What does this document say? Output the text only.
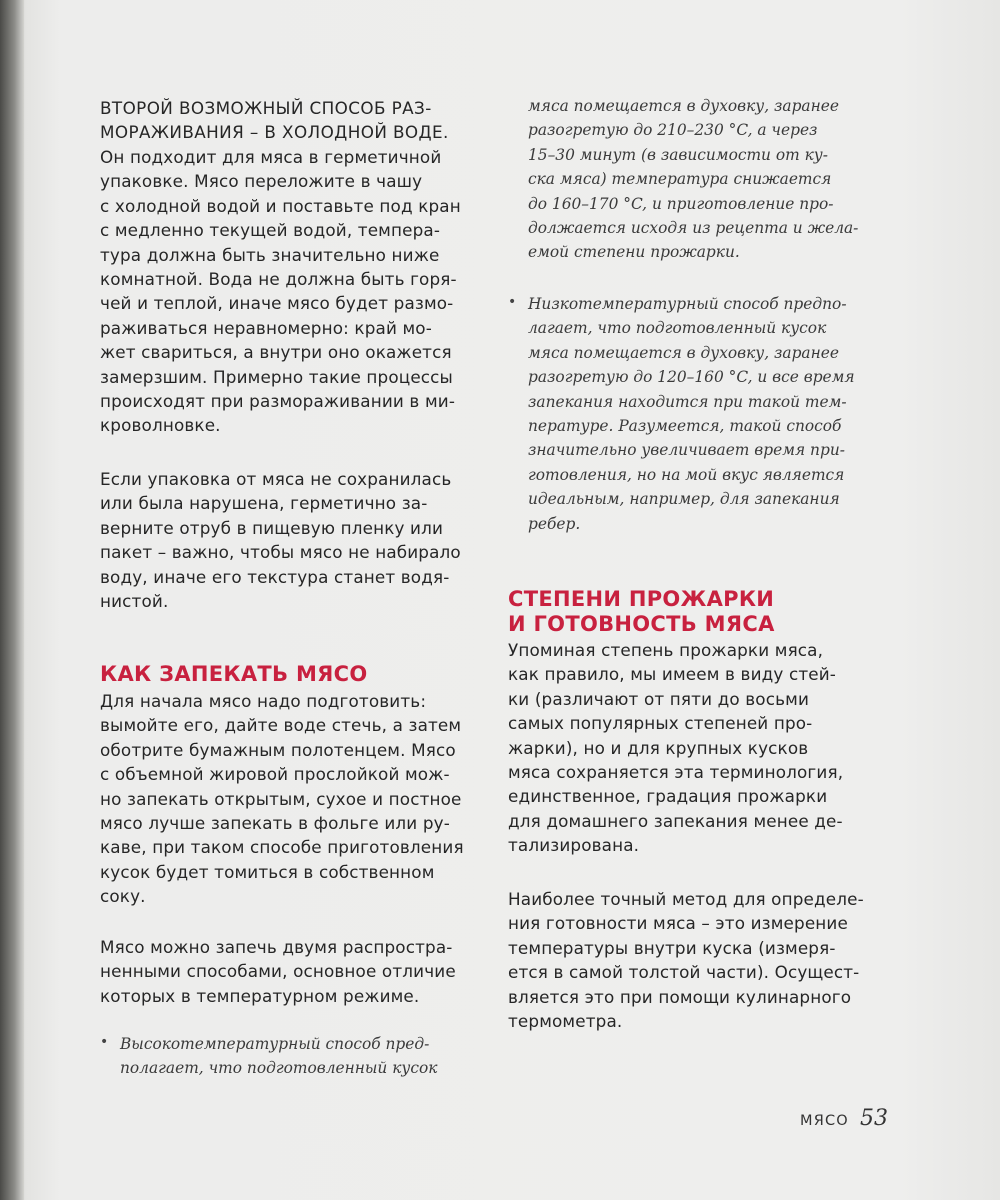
ВТОРОЙ ВОЗМОЖНЫЙ СПОСОБ РАЗ-
МОРАЖИВАНИЯ – В ХОЛОДНОЙ ВОДЕ.

Он подходит для мяса в герметичной
упаковке. Мясо переложите в чашу
с холодной водой и поставьте под кран
с медленно текущей водой, темпера-
тура должна быть значительно ниже
комнатной. Вода не должна быть горя-
чей и теплой, иначе мясо будет размо-
раживаться неравномерно: край мо-
жет свариться, а внутри оно окажется
замерзшим. Примерно такие процессы
происходят при размораживании в ми-
кроволновке.

Если упаковка от мяса не сохранилась
или была нарушена, герметично за-
верните отруб в пищевую пленку или
пакет – важно, чтобы мясо не набирало
воду, иначе его текстура станет водя-
нистой.

КАК ЗАПЕКАТЬ МЯСО

Для начала мясо надо подготовить:
вымойте его, дайте воде стечь, а затем
оботрите бумажным полотенцем. Мясо
с объемной жировой прослойкой мож-
но запекать открытым, сухое и постное
мясо лучше запекать в фольге или ру-
каве, при таком способе приготовления
кусок будет томиться в собственном
соку.

Мясо можно запечь двумя распростра-
ненными способами, основное отличие
которых в температурном режиме.

• Высокотемпературный способ пред-
полагает, что подготовленный кусок

мяса помещается в духовку, заранее
разогретую до 210–230 °C, а через
15–30 минут (в зависимости от ку-
ска мяса) температура снижается
до 160–170 °C, и приготовление про-
должается исходя из рецепта и жела-
емой степени прожарки.

• Низкотемпературный способ предпо-
лагает, что подготовленный кусок
мяса помещается в духовку, заранее
разогретую до 120–160 °C, и все время
запекания находится при такой тем-
пературе. Разумеется, такой способ
значительно увеличивает время при-
готовления, но на мой вкус является
идеальным, например, для запекания
ребер.

СТЕПЕНИ ПРОЖАРКИ
И ГОТОВНОСТЬ МЯСА

Упоминая степень прожарки мяса,
как правило, мы имеем в виду стей-
ки (различают от пяти до восьми
самых популярных степеней про-
жарки), но и для крупных кусков
мяса сохраняется эта терминология,
единственное, градация прожарки
для домашнего запекания менее де-
тализирована.

Наиболее точный метод для определе-
ния готовности мяса – это измерение
температуры внутри куска (измеря-
ется в самой толстой части). Осущест-
вляется это при помощи кулинарного
термометра.

МЯСО 53
